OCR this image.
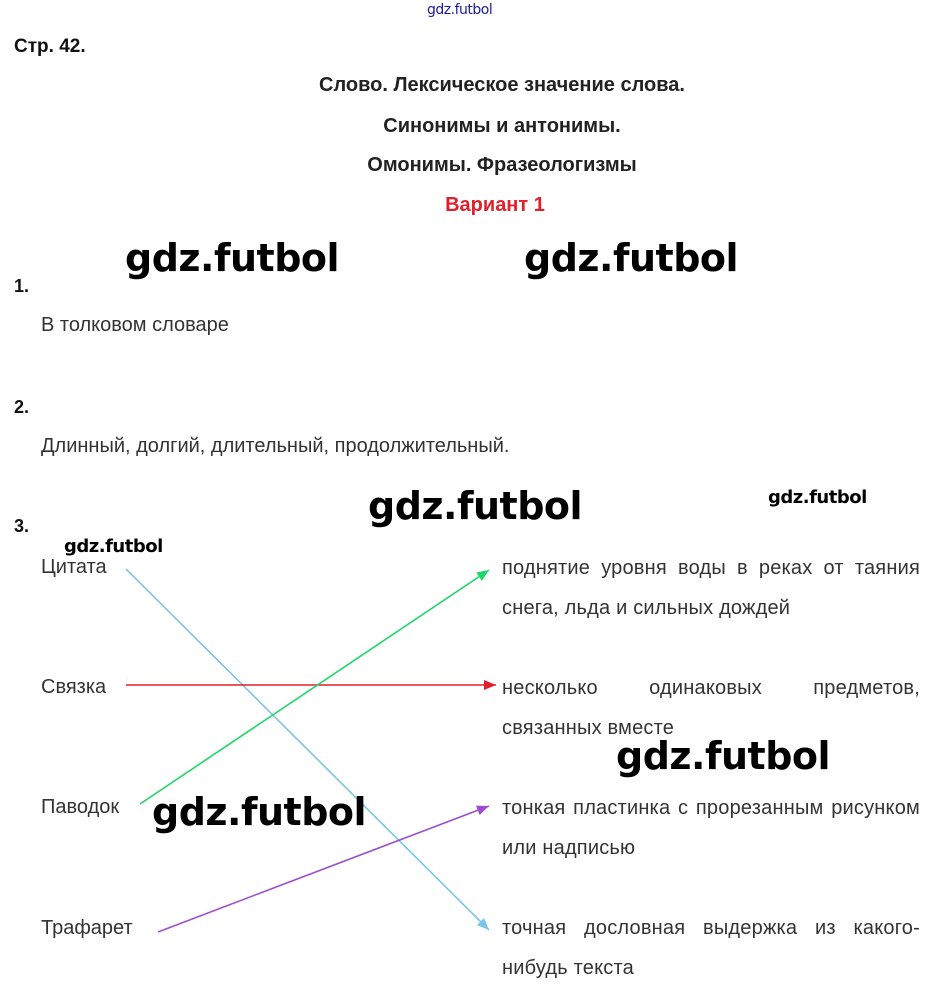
gdz.futbol
gdz.futbol	gdz.futbol
gdz.futbol	gdz.futbol
gdz.futbol
Стр. 42.
Слово. Лексическое значение слова.
Синонимы и антонимы.
Омонимы. Фразеологизмы
Вариант 1
1.
В толковом словаре
2.
Длинный, долгий, длительный, продолжительный.
3.
Цитата
Связка
Паводок
Трафарет
поднятие уровня воды в реках от таяния снега, льда и сильных дождей
несколько одинаковых предметов, связанных вместе
тонкая пластинка с прорезанным рисунком или надписью
точная дословная выдержка из какого-нибудь текста
gdz.futbol
gdz.futbol
